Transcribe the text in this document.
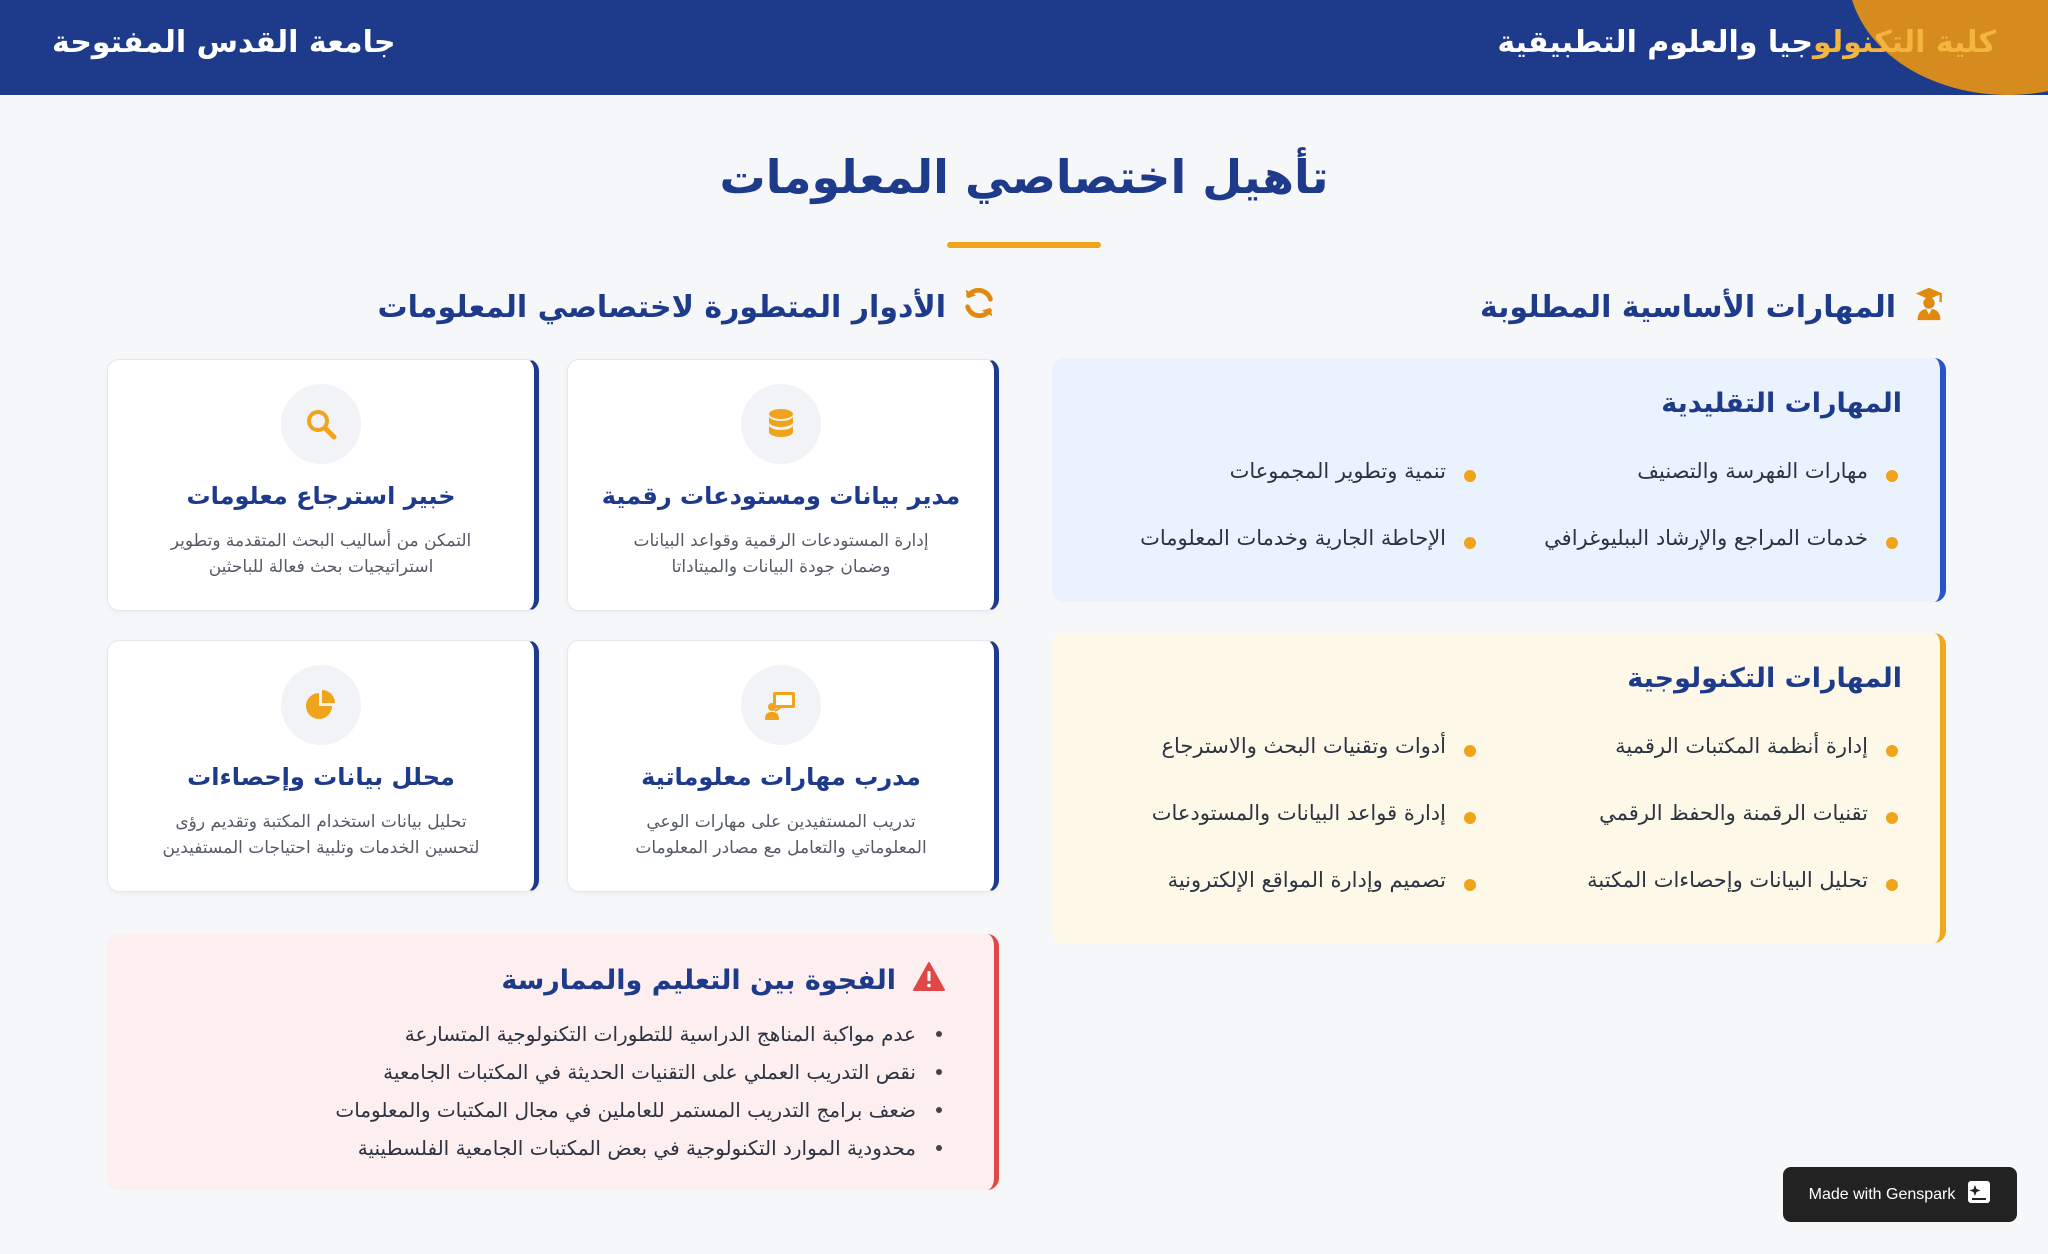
كلية التكنولوجيا والعلوم التطبيقية
جامعة القدس المفتوحة
تأهيل اختصاصي المعلومات
المهارات الأساسية المطلوبة
الأدوار المتطورة لاختصاصي المعلومات
المهارات التقليدية
مهارات الفهرسة والتصنيف
تنمية وتطوير المجموعات
خدمات المراجع والإرشاد الببليوغرافي
الإحاطة الجارية وخدمات المعلومات
المهارات التكنولوجية
إدارة أنظمة المكتبات الرقمية
أدوات وتقنيات البحث والاسترجاع
تقنيات الرقمنة والحفظ الرقمي
إدارة قواعد البيانات والمستودعات
تحليل البيانات وإحصاءات المكتبة
تصميم وإدارة المواقع الإلكترونية
مدير بيانات ومستودعات رقمية

إدارة المستودعات الرقمية وقواعد البيانات وضمان جودة البيانات والميتاداتا

خبير استرجاع معلومات

التمكن من أساليب البحث المتقدمة وتطوير استراتيجيات بحث فعالة للباحثين

مدرب مهارات معلوماتية

تدريب المستفيدين على مهارات الوعي المعلوماتي والتعامل مع مصادر المعلومات

محلل بيانات وإحصاءات

تحليل بيانات استخدام المكتبة وتقديم رؤى لتحسين الخدمات وتلبية احتياجات المستفيدين

الفجوة بين التعليم والممارسة
عدم مواكبة المناهج الدراسية للتطورات التكنولوجية المتسارعة
نقص التدريب العملي على التقنيات الحديثة في المكتبات الجامعية
ضعف برامج التدريب المستمر للعاملين في مجال المكتبات والمعلومات
محدودية الموارد التكنولوجية في بعض المكتبات الجامعية الفلسطينية
Made with Genspark
